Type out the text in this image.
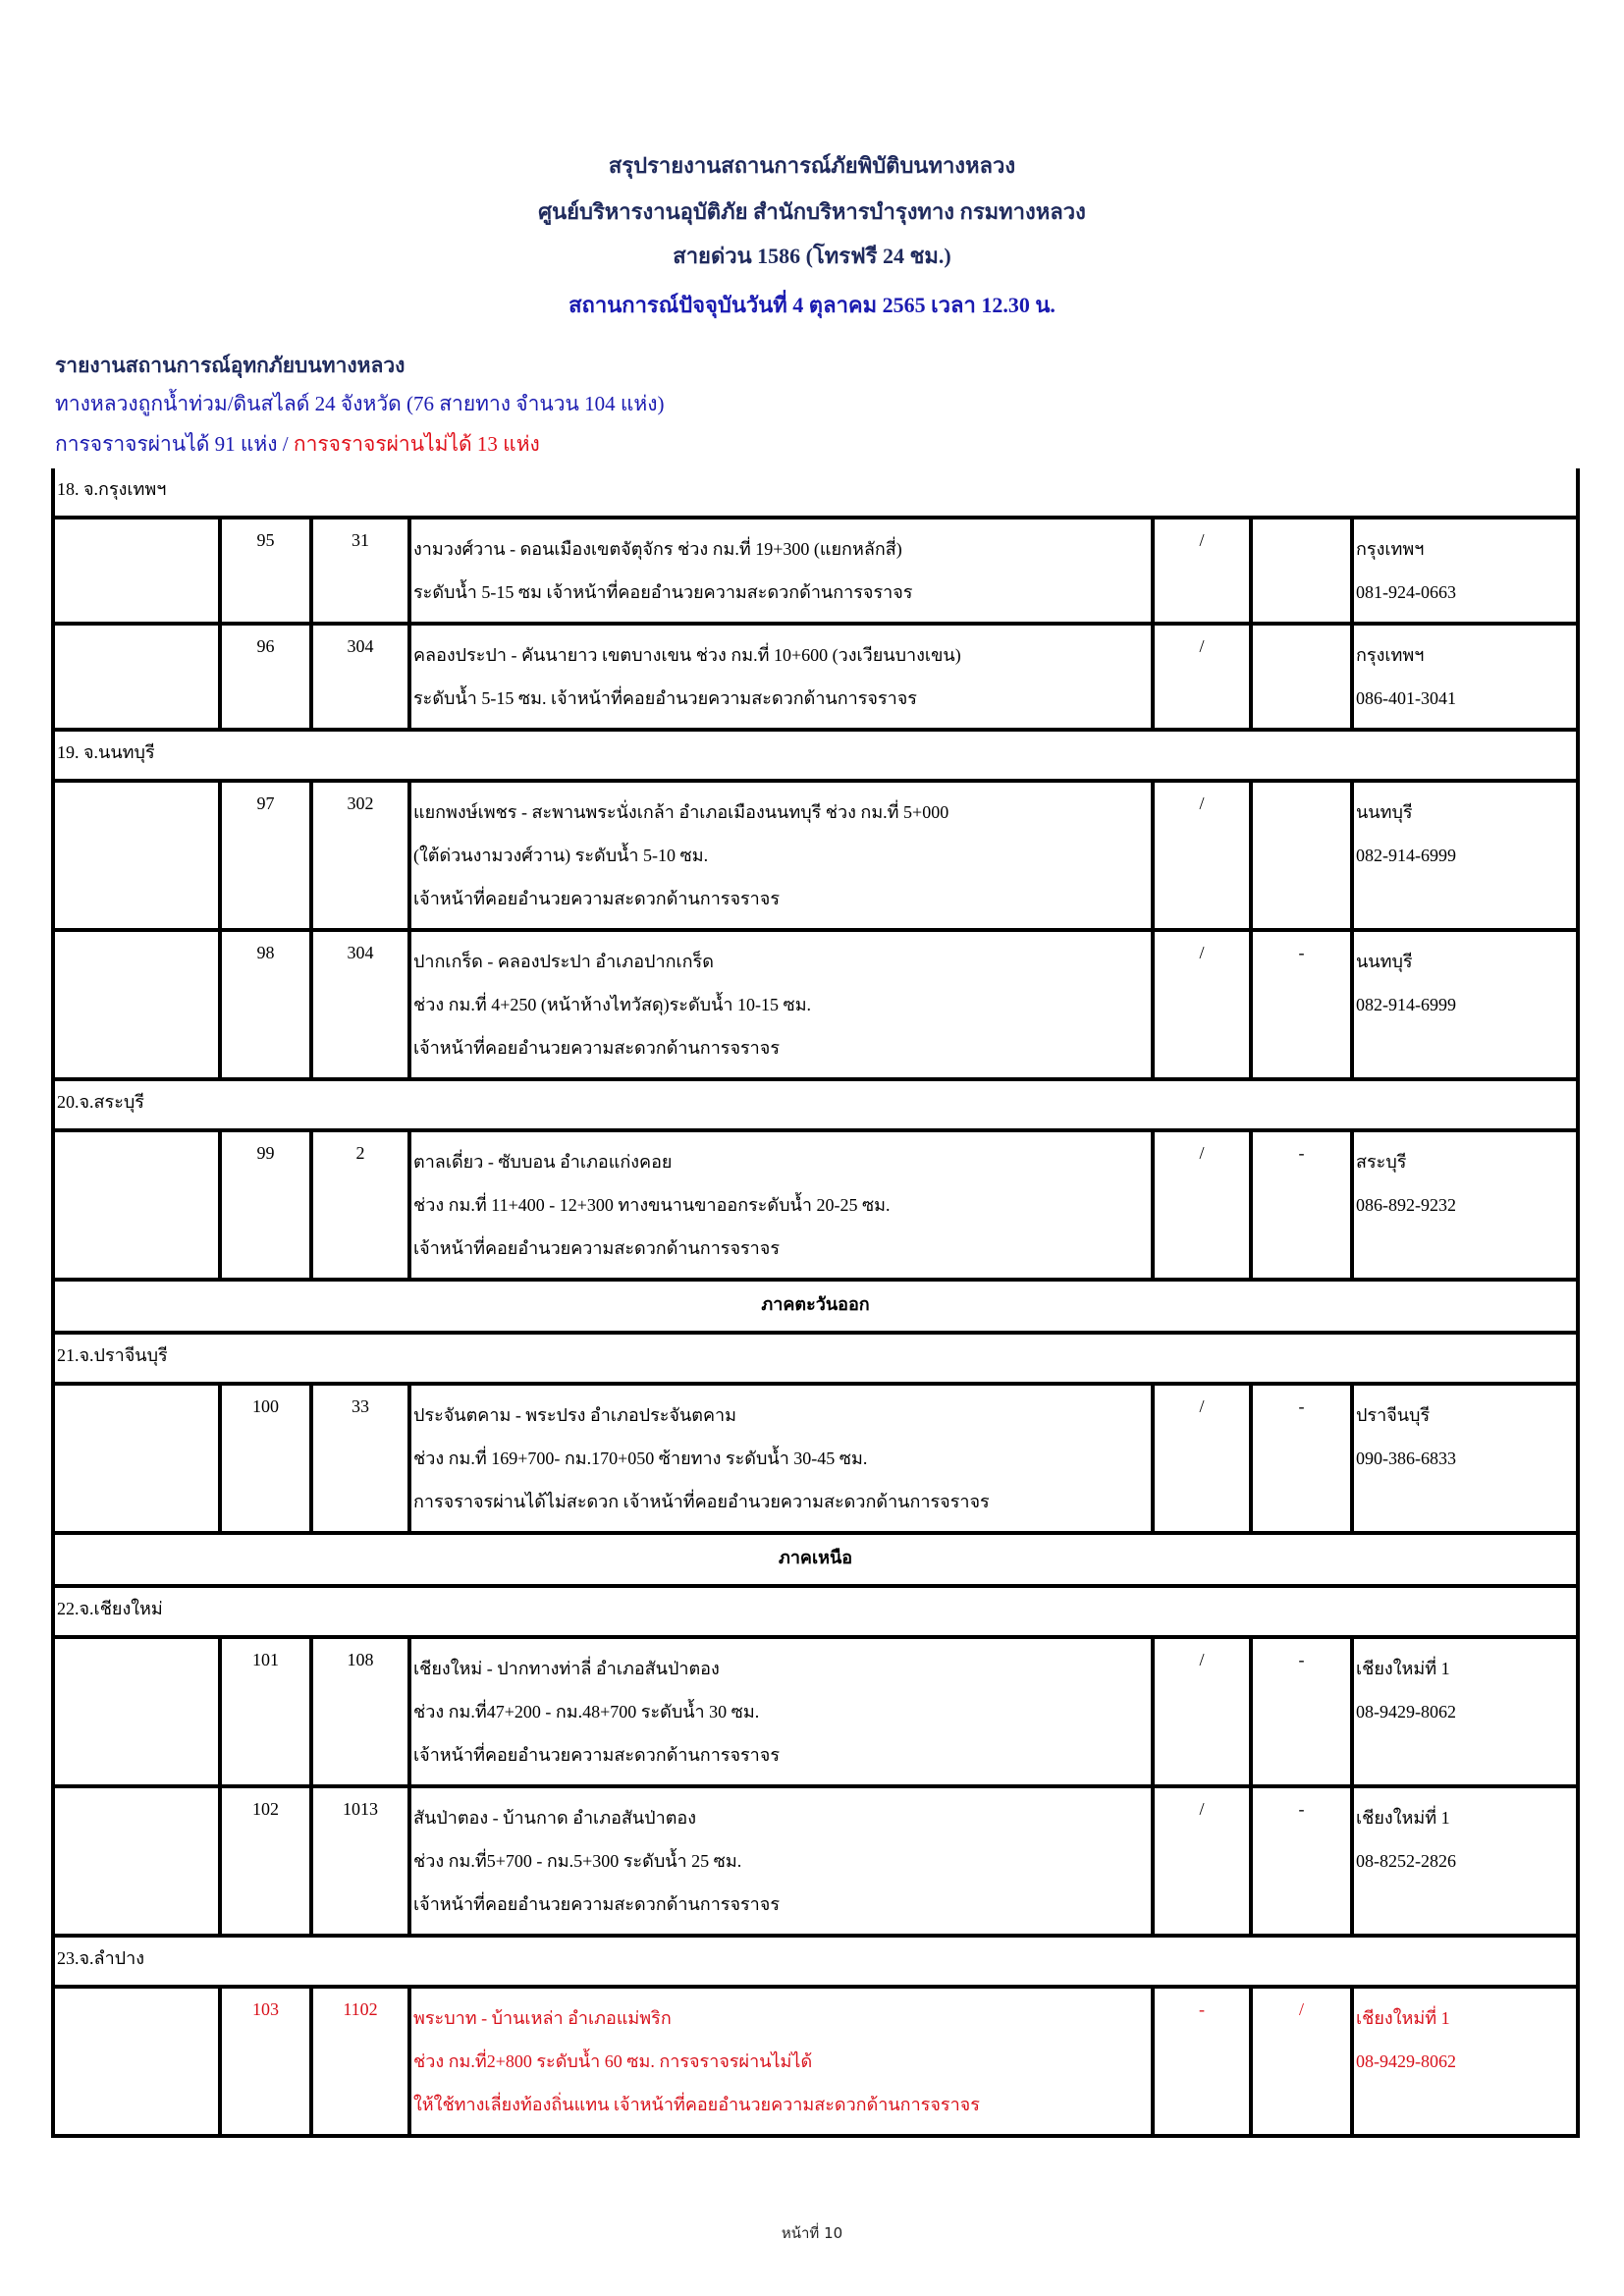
สรุปรายงานสถานการณ์ภัยพิบัติบนทางหลวง
ศูนย์บริหารงานอุบัติภัย สำนักบริหารบำรุงทาง กรมทางหลวง
สายด่วน 1586 (โทรฟรี 24 ชม.)
สถานการณ์ปัจจุบันวันที่ 4 ตุลาคม 2565 เวลา 12.30 น.
รายงานสถานการณ์อุทกภัยบนทางหลวง
ทางหลวงถูกน้ำท่วม/ดินสไลด์ 24 จังหวัด (76 สายทาง จำนวน 104 แห่ง)
การจราจรผ่านได้ 91 แห่ง / การจราจรผ่านไม่ได้ 13 แห่ง
18. จ.กรุงเทพฯ						

	95	31	งามวงศ์วาน - ดอนเมืองเขตจัตุจักร ช่วง กม.ที่ 19+300 (แยกหลักสี่)
ระดับน้ำ 5-15 ซม เจ้าหน้าที่คอยอำนวยความสะดวกด้านการจราจร	/		กรุงเทพฯ
081-924-0663

	96	304	คลองประปา - คันนายาว เขตบางเขน ช่วง กม.ที่ 10+600 (วงเวียนบางเขน)
ระดับน้ำ 5-15 ซม. เจ้าหน้าที่คอยอำนวยความสะดวกด้านการจราจร	/		กรุงเทพฯ
086-401-3041

19. จ.นนทบุรี						

	97	302	แยกพงษ์เพชร - สะพานพระนั่งเกล้า อำเภอเมืองนนทบุรี ช่วง กม.ที่ 5+000
(ใต้ด่วนงามวงศ์วาน) ระดับน้ำ 5-10 ซม.
เจ้าหน้าที่คอยอำนวยความสะดวกด้านการจราจร	/		นนทบุรี
082-914-6999

	98	304	ปากเกร็ด - คลองประปา อำเภอปากเกร็ด
ช่วง กม.ที่ 4+250 (หน้าห้างไทวัสดุ)ระดับน้ำ 10-15 ซม.
เจ้าหน้าที่คอยอำนวยความสะดวกด้านการจราจร	/	-	นนทบุรี
082-914-6999

20.จ.สระบุรี						

	99	2	ตาลเดี่ยว - ซับบอน อำเภอแก่งคอย
ช่วง กม.ที่ 11+400 - 12+300 ทางขนานขาออกระดับน้ำ 20-25 ซม.
เจ้าหน้าที่คอยอำนวยความสะดวกด้านการจราจร	/	-	สระบุรี
086-892-9232

ภาคตะวันออก						
21.จ.ปราจีนบุรี						

	100	33	ประจันตคาม - พระปรง อำเภอประจันตคาม
ช่วง กม.ที่ 169+700- กม.170+050 ซ้ายทาง ระดับน้ำ 30-45 ซม.
การจราจรผ่านได้ไม่สะดวก เจ้าหน้าที่คอยอำนวยความสะดวกด้านการจราจร	/	-	ปราจีนบุรี
090-386-6833

ภาคเหนือ						
22.จ.เชียงใหม่						

	101	108	เชียงใหม่ - ปากทางท่าลี่ อำเภอสันป่าตอง
ช่วง กม.ที่47+200 - กม.48+700 ระดับน้ำ 30 ซม.
เจ้าหน้าที่คอยอำนวยความสะดวกด้านการจราจร	/	-	เชียงใหม่ที่ 1
08-9429-8062

	102	1013	สันป่าตอง - บ้านกาด อำเภอสันป่าตอง
ช่วง กม.ที่5+700 - กม.5+300 ระดับน้ำ 25 ซม.
เจ้าหน้าที่คอยอำนวยความสะดวกด้านการจราจร	/	-	เชียงใหม่ที่ 1
08-8252-2826

23.จ.ลำปาง						

	103	1102	พระบาท - บ้านเหล่า อำเภอแม่พริก
ช่วง กม.ที่2+800 ระดับน้ำ 60 ซม. การจราจรผ่านไม่ได้
ให้ใช้ทางเลี่ยงท้องถิ่นแทน เจ้าหน้าที่คอยอำนวยความสะดวกด้านการจราจร	-	/	เชียงใหม่ที่ 1
08-9429-8062
หน้าที่ 10
